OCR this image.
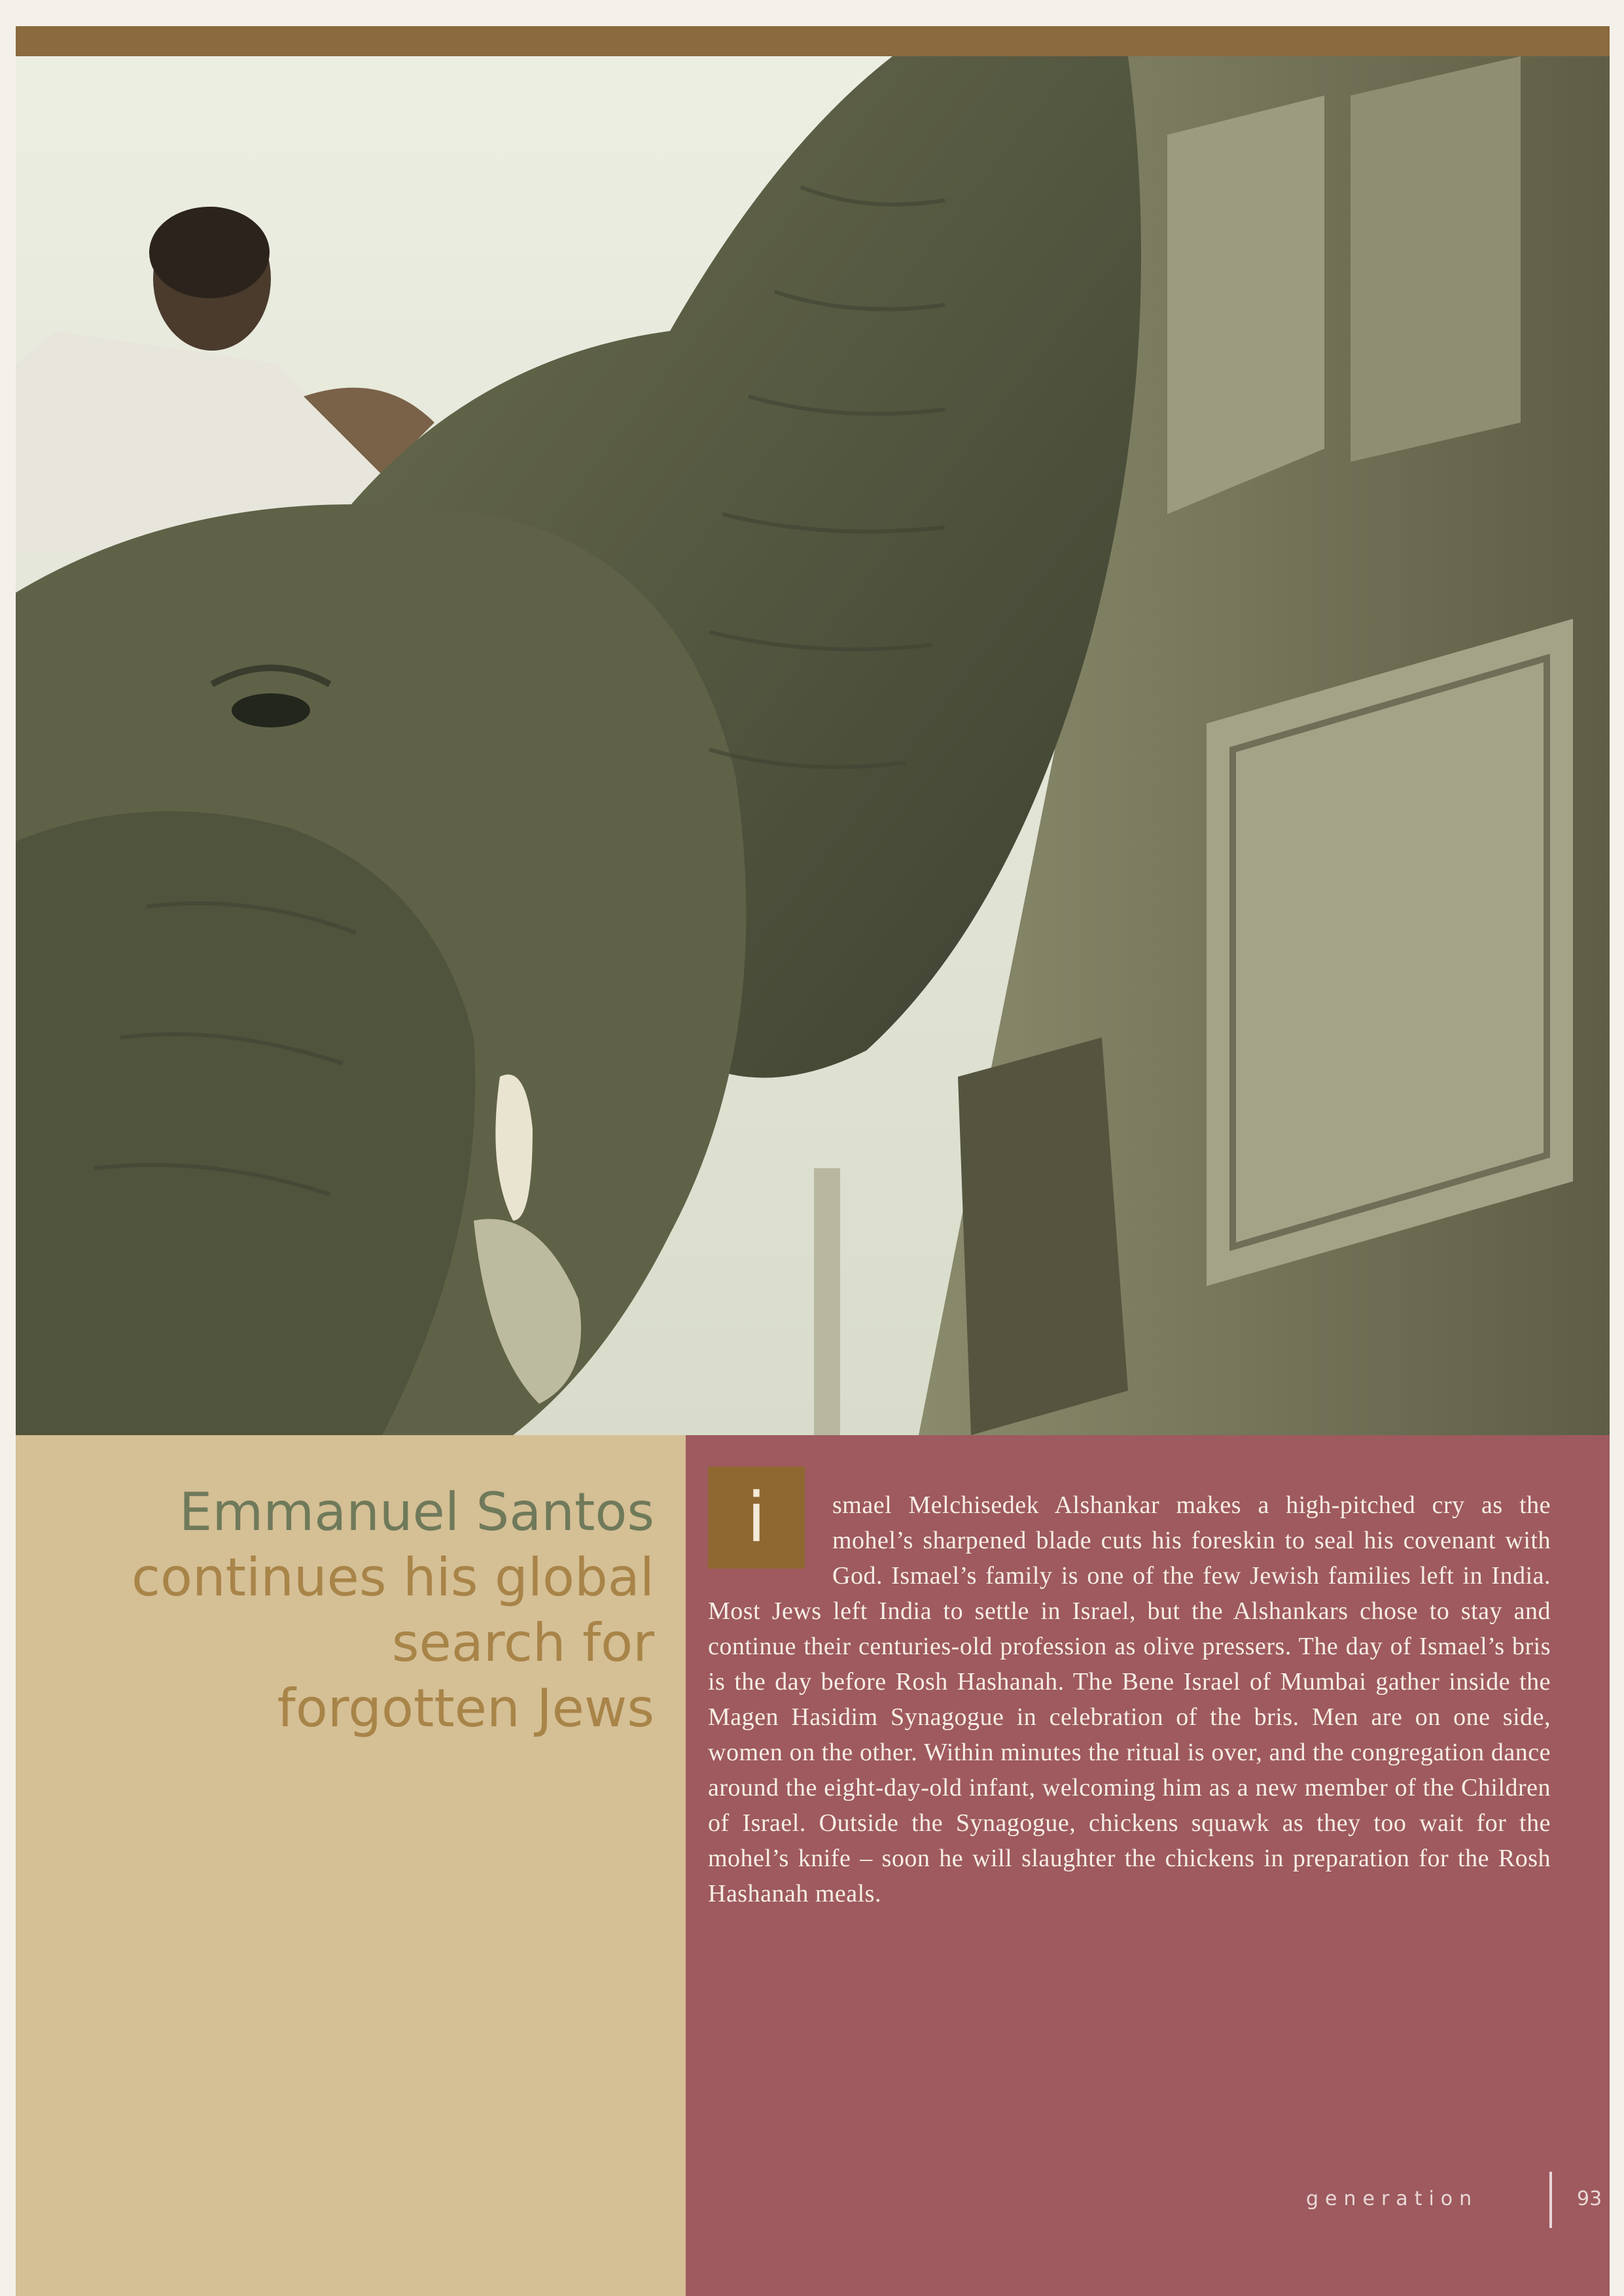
Emmanuel Santos
continues his global
search for
forgotten Jews
i	smael Melchisedek Alshankar makes a high-pitched cry as the mohel’s sharpened blade cuts his foreskin to seal his covenant with God. Ismael’s family is one of the few Jewish families left in India. Most Jews left India to settle in Israel, but the Alshankars chose to stay and continue their centuries-old profession as olive pressers. The day of Ismael’s bris is the day before Rosh Hashanah. The Bene Israel of Mumbai gather inside the Magen Hasidim Synagogue in celebration of the bris. Men are on one side, women on the other. Within minutes the ritual is over, and the congregation dance around the eight-day-old infant, welcoming him as a new member of the Children of Israel. Outside the Synagogue, chickens squawk as they too wait for the mohel’s knife – soon he will slaughter the chickens in preparation for the Rosh Hashanah meals.

generation	93
